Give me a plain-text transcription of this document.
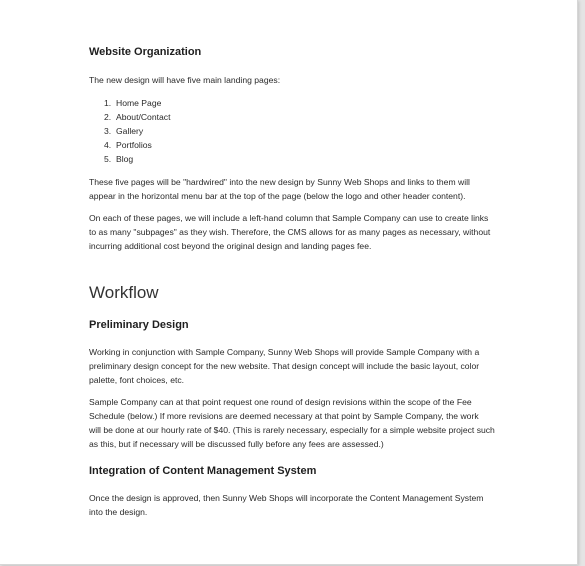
Website Organization

The new design will have five main landing pages:

1. Home Page
2. About/Contact
3. Gallery
4. Portfolios
5. Blog

These five pages will be "hardwired" into the new design by Sunny Web Shops and links to them will

appear in the horizontal menu bar at the top of the page (below the logo and other header content).

On each of these pages, we will include a left-hand column that Sample Company can use to create links

to as many "subpages" as they wish. Therefore, the CMS allows for as many pages as necessary, without

incurring additional cost beyond the original design and landing pages fee.

Workflow
Preliminary Design

Working in conjunction with Sample Company, Sunny Web Shops will provide Sample Company with a

preliminary design concept for the new website. That design concept will include the basic layout, color

palette, font choices, etc.

Sample Company can at that point request one round of design revisions within the scope of the Fee

Schedule (below.) If more revisions are deemed necessary at that point by Sample Company, the work

will be done at our hourly rate of $40. (This is rarely necessary, especially for a simple website project such

as this, but if necessary will be discussed fully before any fees are assessed.)

Integration of Content Management System

Once the design is approved, then Sunny Web Shops will incorporate the Content Management System

into the design.
